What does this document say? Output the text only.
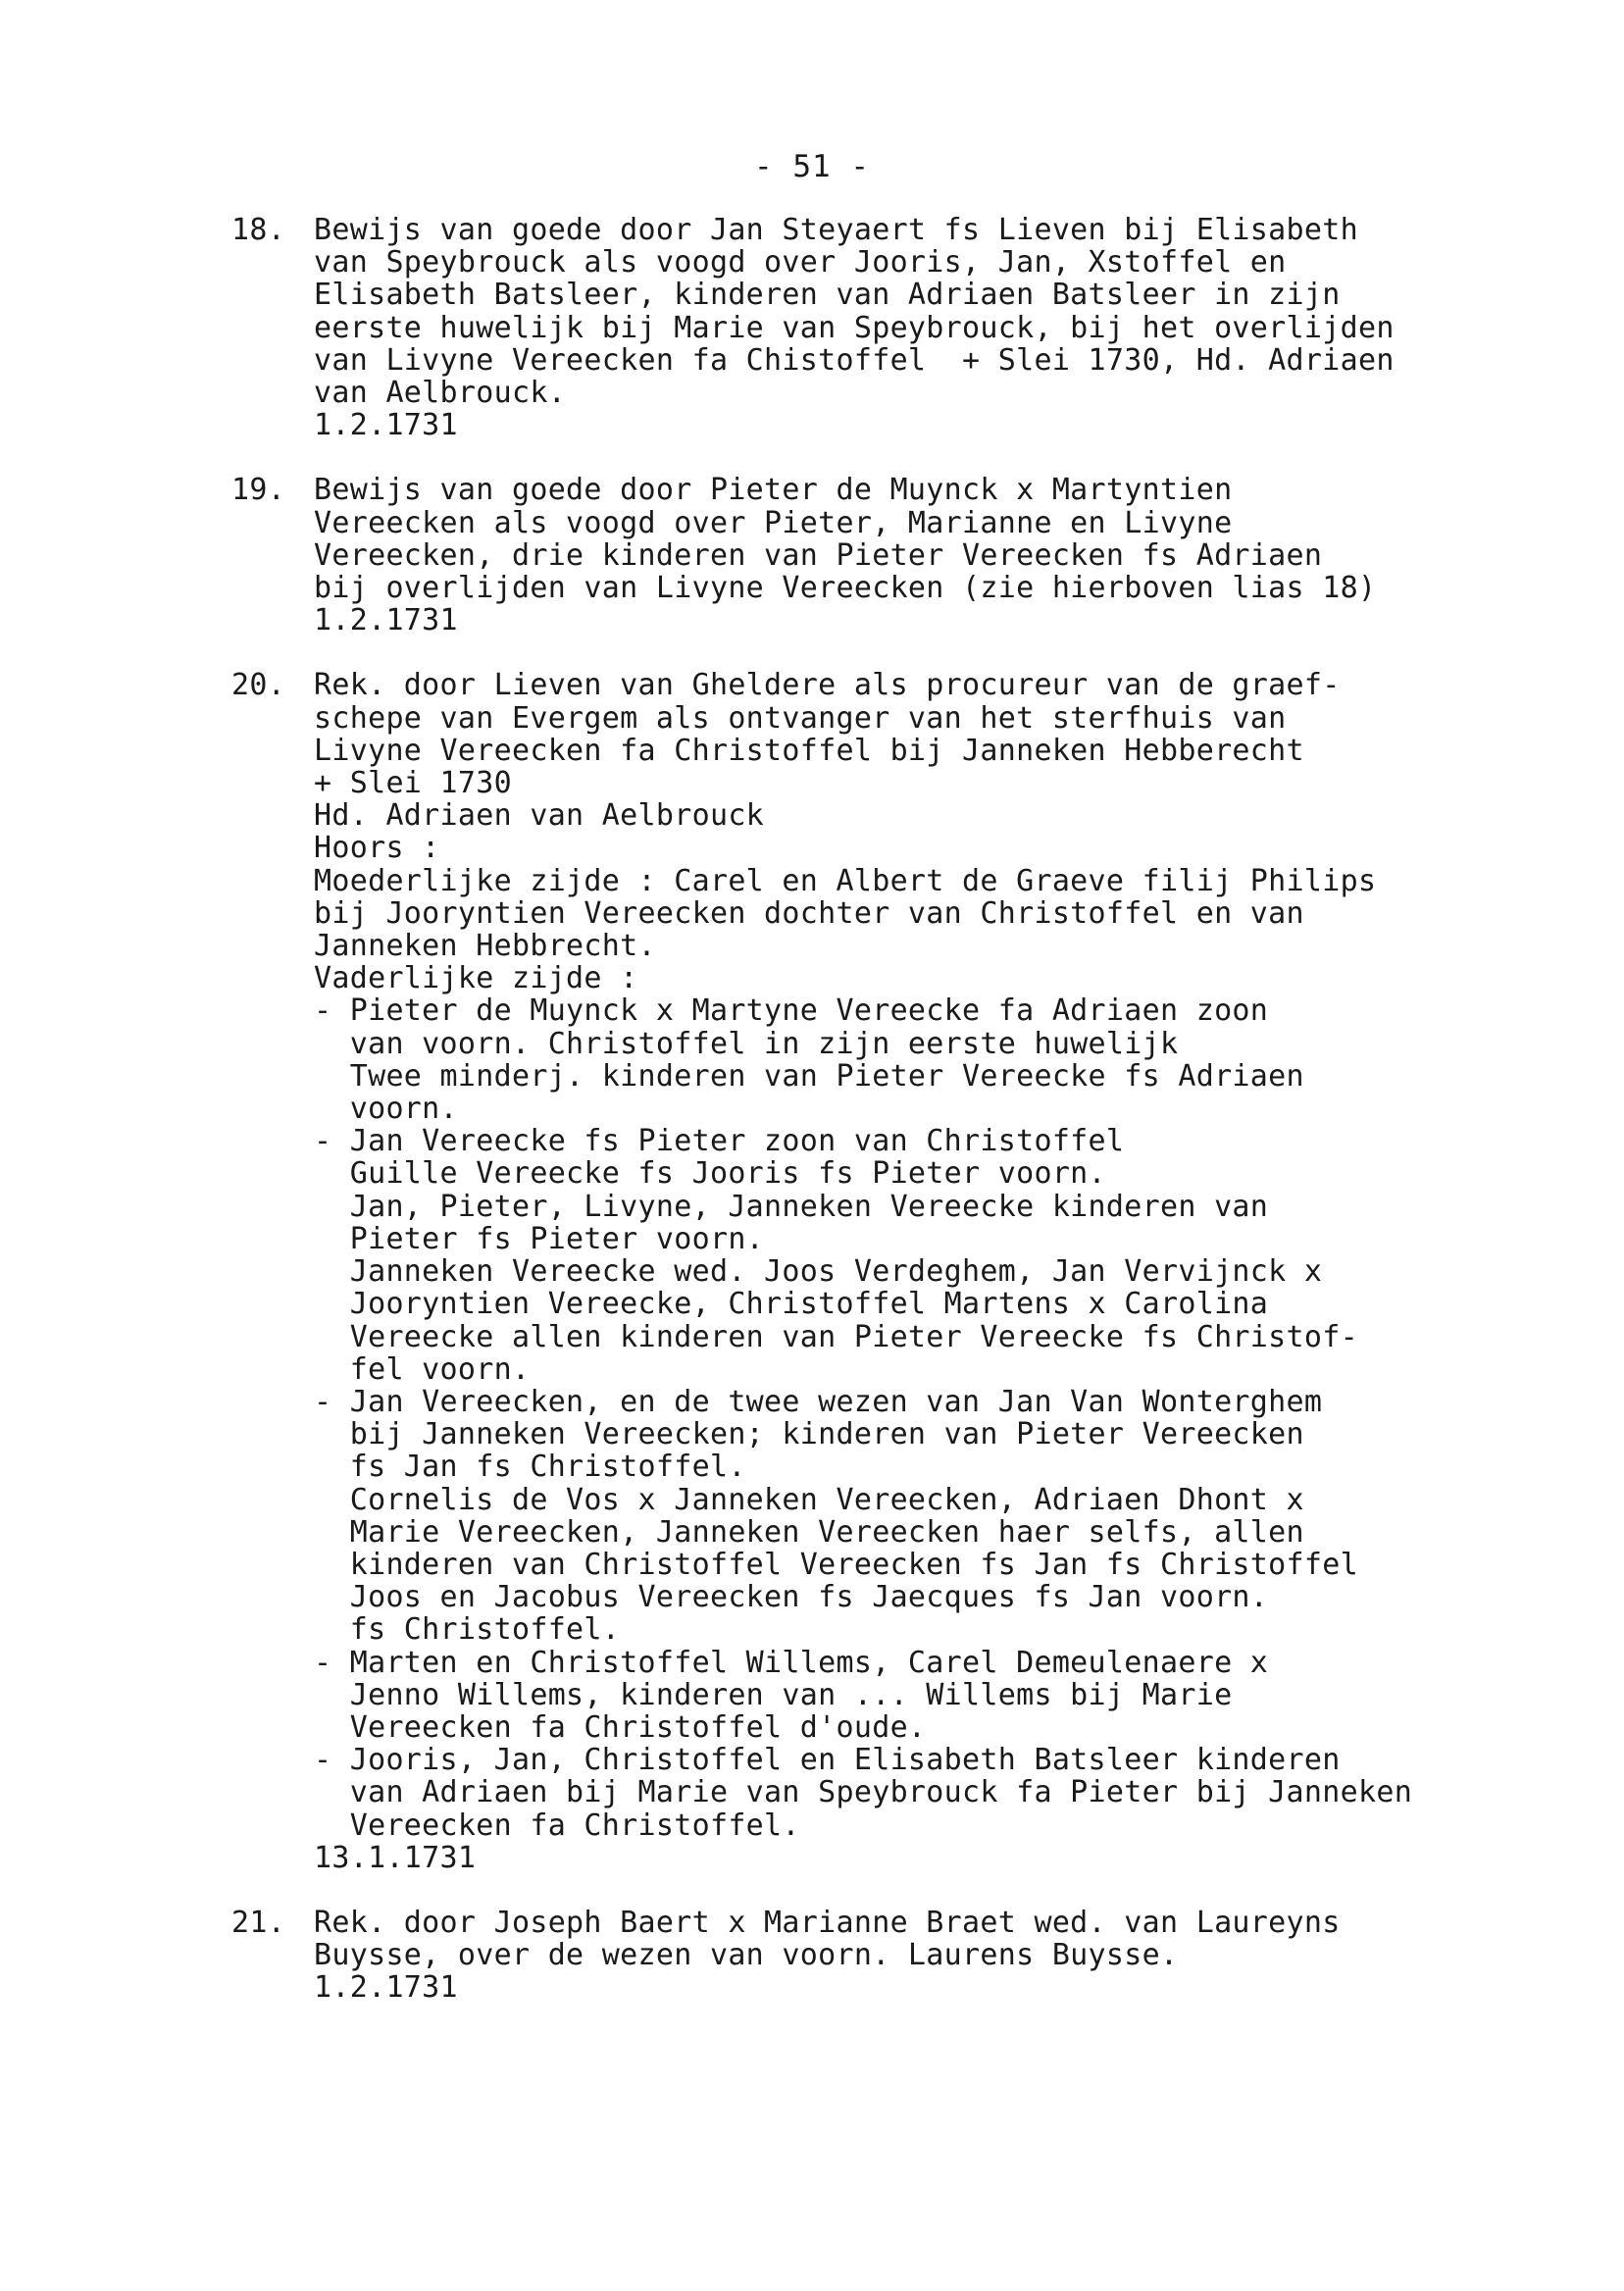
- 51 -
18. Bewijs van goede door Jan Steyaert fs Lieven bij Elisabeth
van Speybrouck als voogd over Jooris, Jan, Xstoffel en
Elisabeth Batsleer, kinderen van Adriaen Batsleer in zijn
eerste huwelijk bij Marie van Speybrouck, bij het overlijden
van Livyne Vereecken fa Chistoffel  + Slei 1730, Hd. Adriaen
van Aelbrouck.
1.2.1731
19. Bewijs van goede door Pieter de Muynck x Martyntien
Vereecken als voogd over Pieter, Marianne en Livyne
Vereecken, drie kinderen van Pieter Vereecken fs Adriaen
bij overlijden van Livyne Vereecken (zie hierboven lias 18)
1.2.1731
20. Rek. door Lieven van Gheldere als procureur van de graef-
schepe van Evergem als ontvanger van het sterfhuis van
Livyne Vereecken fa Christoffel bij Janneken Hebberecht
+ Slei 1730
Hd. Adriaen van Aelbrouck
Hoors :
Moederlijke zijde : Carel en Albert de Graeve filij Philips
bij Jooryntien Vereecken dochter van Christoffel en van
Janneken Hebbrecht.
Vaderlijke zijde :
- Pieter de Muynck x Martyne Vereecke fa Adriaen zoon
van voorn. Christoffel in zijn eerste huwelijk
Twee minderj. kinderen van Pieter Vereecke fs Adriaen
voorn.
- Jan Vereecke fs Pieter zoon van Christoffel
Guille Vereecke fs Jooris fs Pieter voorn.
Jan, Pieter, Livyne, Janneken Vereecke kinderen van
Pieter fs Pieter voorn.
Janneken Vereecke wed. Joos Verdeghem, Jan Vervijnck x
Jooryntien Vereecke, Christoffel Martens x Carolina
Vereecke allen kinderen van Pieter Vereecke fs Christof-
fel voorn.
- Jan Vereecken, en de twee wezen van Jan Van Wonterghem
bij Janneken Vereecken; kinderen van Pieter Vereecken
fs Jan fs Christoffel.
Cornelis de Vos x Janneken Vereecken, Adriaen Dhont x
Marie Vereecken, Janneken Vereecken haer selfs, allen
kinderen van Christoffel Vereecken fs Jan fs Christoffel
Joos en Jacobus Vereecken fs Jaecques fs Jan voorn.
fs Christoffel.
- Marten en Christoffel Willems, Carel Demeulenaere x
Jenno Willems, kinderen van ... Willems bij Marie
Vereecken fa Christoffel d'oude.
- Jooris, Jan, Christoffel en Elisabeth Batsleer kinderen
van Adriaen bij Marie van Speybrouck fa Pieter bij Janneken
Vereecken fa Christoffel.
13.1.1731
21. Rek. door Joseph Baert x Marianne Braet wed. van Laureyns
Buysse, over de wezen van voorn. Laurens Buysse.
1.2.1731
